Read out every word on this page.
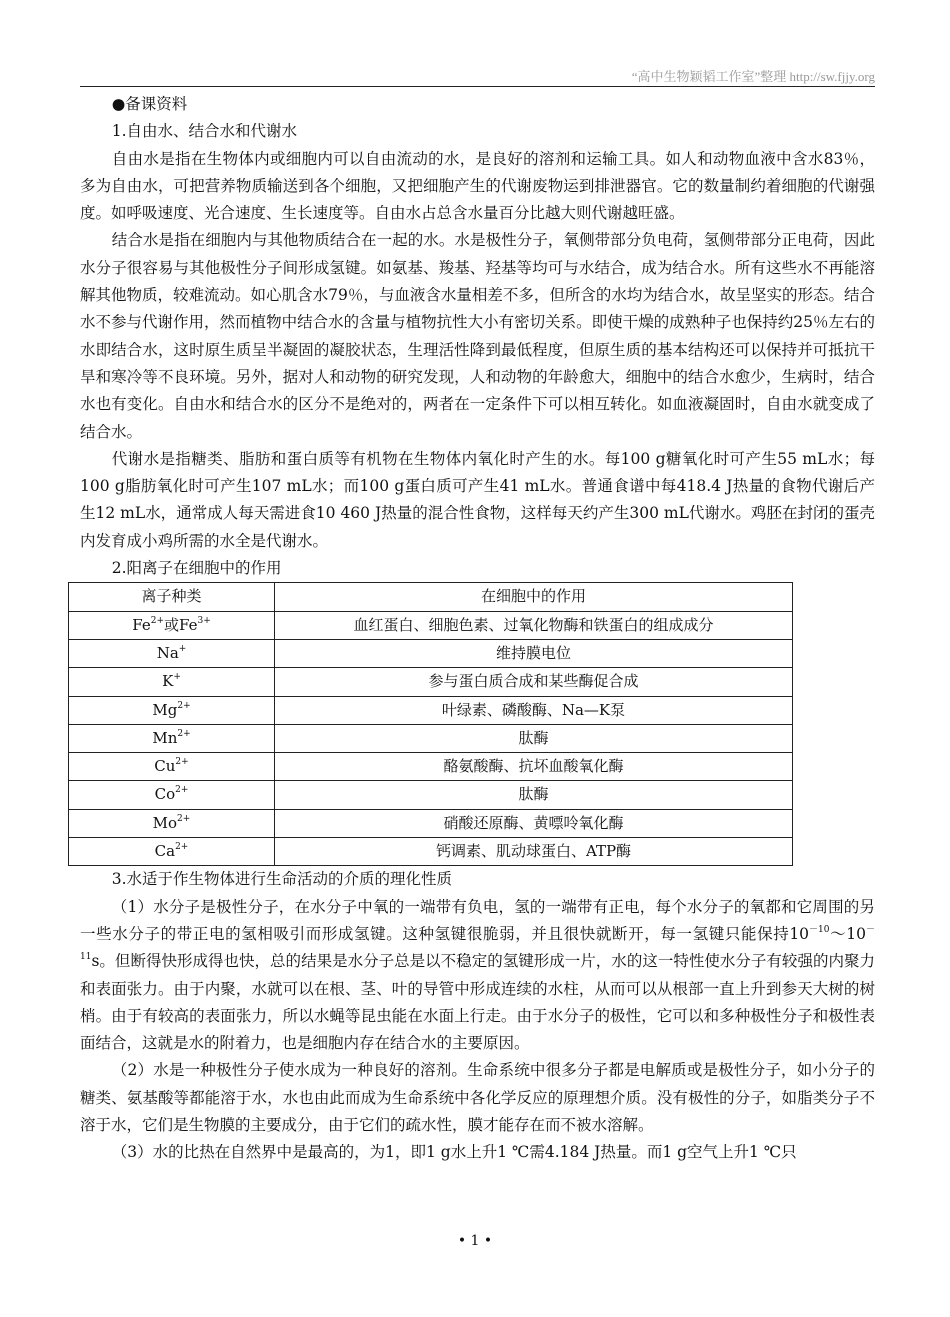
“高中生物颖韬工作室”整理 http://sw.fjjy.org

●备课资料

1.自由水、结合水和代谢水

自由水是指在生物体内或细胞内可以自由流动的水，是良好的溶剂和运输工具。如人和动物血液中含水83％，多为自由水，可把营养物质输送到各个细胞，又把细胞产生的代谢废物运到排泄器官。它的数量制约着细胞的代谢强度。如呼吸速度、光合速度、生长速度等。自由水占总含水量百分比越大则代谢越旺盛。

结合水是指在细胞内与其他物质结合在一起的水。水是极性分子，氧侧带部分负电荷，氢侧带部分正电荷，因此水分子很容易与其他极性分子间形成氢键。如氨基、羧基、羟基等均可与水结合，成为结合水。所有这些水不再能溶解其他物质，较难流动。如心肌含水79％，与血液含水量相差不多，但所含的水均为结合水，故呈坚实的形态。结合水不参与代谢作用，然而植物中结合水的含量与植物抗性大小有密切关系。即使干燥的成熟种子也保持约25％左右的水即结合水，这时原生质呈半凝固的凝胶状态，生理活性降到最低程度，但原生质的基本结构还可以保持并可抵抗干旱和寒冷等不良环境。另外，据对人和动物的研究发现，人和动物的年龄愈大，细胞中的结合水愈少，生病时，结合水也有变化。自由水和结合水的区分不是绝对的，两者在一定条件下可以相互转化。如血液凝固时，自由水就变成了结合水。

代谢水是指糖类、脂肪和蛋白质等有机物在生物体内氧化时产生的水。每100 g糖氧化时可产生55 mL水；每100 g脂肪氧化时可产生107 mL水；而100 g蛋白质可产生41 mL水。普通食谱中每418.4 J热量的食物代谢后产生12 mL水，通常成人每天需进食10 460 J热量的混合性食物，这样每天约产生300 mL代谢水。鸡胚在封闭的蛋壳内发育成小鸡所需的水全是代谢水。

2.阳离子在细胞中的作用

离子种类	在细胞中的作用
$Fe^{2+}$或$Fe^{3+}$	血红蛋白、细胞色素、过氧化物酶和铁蛋白的组成成分
Na+	维持膜电位
K+	参与蛋白质合成和某些酶促合成
$Mg^{2+}$	叶绿素、磷酸酶、Na—K泵
$Mn^{2+}$	肽酶
$Cu^{2+}$	酪氨酸酶、抗坏血酸氧化酶
$Co^{2+}$	肽酶
$Mo^{2+}$	硝酸还原酶、黄嘌呤氧化酶
$Ca^{2+}$	钙调素、肌动球蛋白、ATP酶

3.水适于作生物体进行生命活动的介质的理化性质

（1）水分子是极性分子，在水分子中氧的一端带有负电，氢的一端带有正电，每个水分子的氧都和它周围的另一些水分子的带正电的氢相吸引而形成氢键。这种氢键很脆弱，并且很快就断开，每一氢键只能保持$10^{-10}\sim 10^{-11}s$。但断得快形成得也快，总的结果是水分子总是以不稳定的氢键形成一片，水的这一特性使水分子有较强的内聚力和表面张力。由于内聚，水就可以在根、茎、叶的导管中形成连续的水柱，从而可以从根部一直上升到参天大树的树梢。由于有较高的表面张力，所以水蝇等昆虫能在水面上行走。由于水分子的极性，它可以和多种极性分子和极性表面结合，这就是水的附着力，也是细胞内存在结合水的主要原因。

（2）水是一种极性分子使水成为一种良好的溶剂。生命系统中很多分子都是电解质或是极性分子，如小分子的糖类、氨基酸等都能溶于水，水也由此而成为生命系统中各化学反应的原理想介质。没有极性的分子，如脂类分子不溶于水，它们是生物膜的主要成分，由于它们的疏水性，膜才能存在而不被水溶解。

（3）水的比热在自然界中是最高的，为1，即1 g水上升1 ℃需4.184 J热量。而1 g空气上升1 ℃只

• 1 •
